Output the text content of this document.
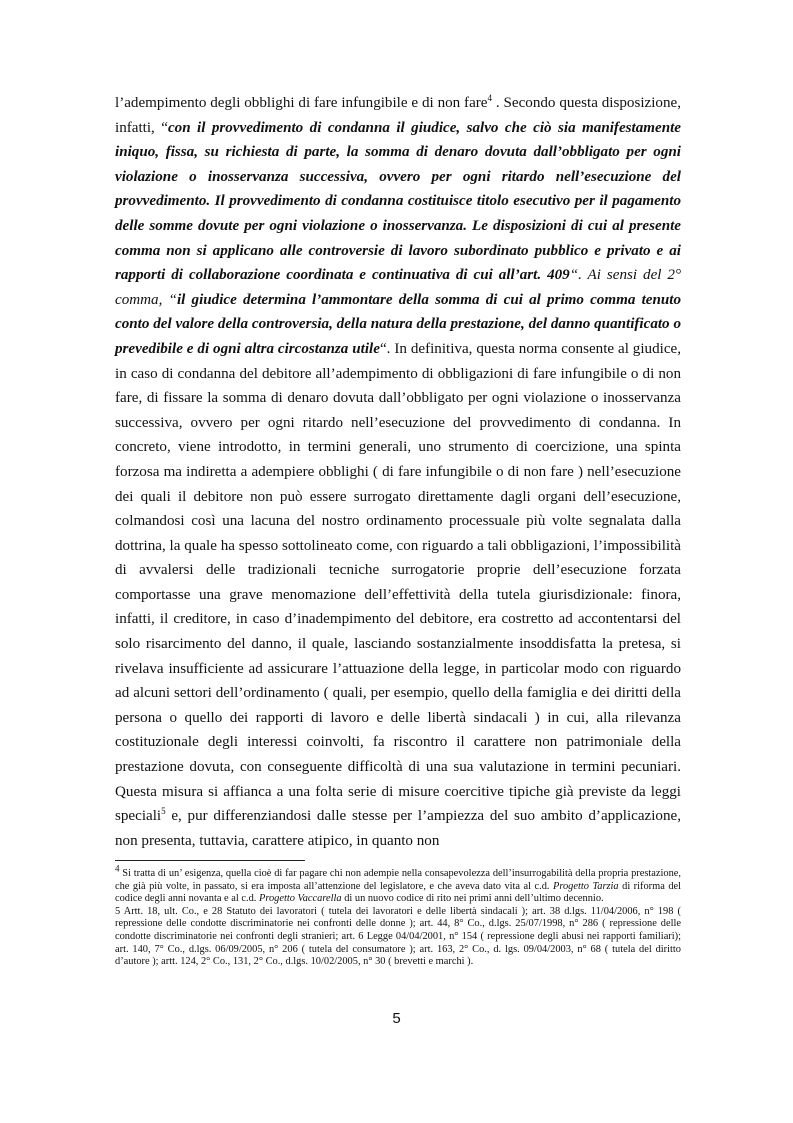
l’adempimento degli obblighi di fare infungibile e di non fare$^4$ . Secondo questa disposizione, infatti, “con il provvedimento di condanna il giudice, salvo che ciò sia manifestamente iniquo, fissa, su richiesta di parte, la somma di denaro dovuta dall’obbligato per ogni violazione o inosservanza successiva, ovvero per ogni ritardo nell’esecuzione del provvedimento. Il provvedimento di condanna costituisce titolo esecutivo per il pagamento delle somme dovute per ogni violazione o inosservanza. Le disposizioni di cui al presente comma non si applicano alle controversie di lavoro subordinato pubblico e privato e ai rapporti di collaborazione coordinata e continuativa di cui all’art. 409“. Ai sensi del 2° comma, “il giudice determina l’ammontare della somma di cui al primo comma tenuto conto del valore della controversia, della natura della prestazione, del danno quantificato o prevedibile e di ogni altra circostanza utile“. In definitiva, questa norma consente al giudice, in caso di condanna del debitore all’adempimento di obbligazioni di fare infungibile o di non fare, di fissare la somma di denaro dovuta dall’obbligato per ogni violazione o inosservanza successiva, ovvero per ogni ritardo nell’esecuzione del provvedimento di condanna. In concreto, viene introdotto, in termini generali, uno strumento di coercizione, una spinta forzosa ma indiretta a adempiere obblighi ( di fare infungibile o di non fare ) nell’esecuzione dei quali il debitore non può essere surrogato direttamente dagli organi dell’esecuzione, colmandosi così una lacuna del nostro ordinamento processuale più volte segnalata dalla dottrina, la quale ha spesso sottolineato come, con riguardo a tali obbligazioni, l’impossibilità di avvalersi delle tradizionali tecniche surrogatorie proprie dell’esecuzione forzata comportasse una grave menomazione dell’effettività della tutela giurisdizionale: finora, infatti, il creditore, in caso d’inadempimento del debitore, era costretto ad accontentarsi del solo risarcimento del danno, il quale, lasciando sostanzialmente insoddisfatta la pretesa, si rivelava insufficiente ad assicurare l’attuazione della legge, in particolar modo con riguardo ad alcuni settori dell’ordinamento ( quali, per esempio, quello della famiglia e dei diritti della persona o quello dei rapporti di lavoro e delle libertà sindacali ) in cui, alla rilevanza costituzionale degli interessi coinvolti, fa riscontro il carattere non patrimoniale della prestazione dovuta, con conseguente difficoltà di una sua valutazione in termini pecuniari. Questa misura si affianca a una folta serie di misure coercitive tipiche già previste da leggi speciali$^5$ e, pur differenziandosi dalle stesse per l’ampiezza del suo ambito d’applicazione, non presenta, tuttavia, carattere atipico, in quanto non

$^4$ Si tratta di un’ esigenza, quella cioè di far pagare chi non adempie nella consapevolezza dell’insurrogabilità della propria prestazione, che già più volte, in passato, si era imposta all’attenzione del legislatore, e che aveva dato vita al c.d. Progetto Tarzia di riforma del codice degli anni novanta e al c.d. Progetto Vaccarella di un nuovo codice di rito nei primi anni dell’ultimo decennio.

5 Artt. 18, ult. Co., e 28 Statuto dei lavoratori ( tutela dei lavoratori e delle libertà sindacali ); art. 38 d.lgs. 11/04/2006, n° 198 ( repressione delle condotte discriminatorie nei confronti delle donne ); art. 44, 8° Co., d.lgs. 25/07/1998, n° 286 ( repressione delle condotte discriminatorie nei confronti degli stranieri; art. 6 Legge 04/04/2001, n° 154 ( repressione degli abusi nei rapporti familiari); art. 140, 7° Co., d.lgs. 06/09/2005, n° 206 ( tutela del consumatore ); art. 163, 2° Co., d. lgs. 09/04/2003, n° 68 ( tutela del diritto d’autore ); artt. 124, 2° Co., 131, 2° Co., d.lgs. 10/02/2005, n° 30 ( brevetti e marchi ).

5
